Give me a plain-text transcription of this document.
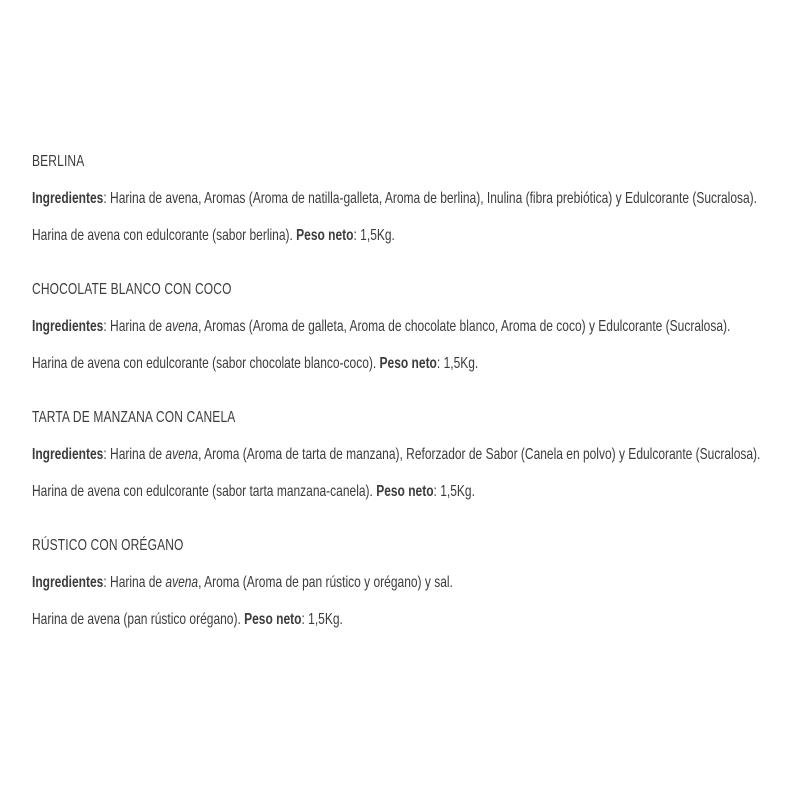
BERLINA

Ingredientes: Harina de avena, Aromas (Aroma de natilla-galleta, Aroma de berlina), Inulina (fibra prebiótica) y Edulcorante (Sucralosa).

Harina de avena con edulcorante (sabor berlina). Peso neto: 1,5Kg.

CHOCOLATE BLANCO CON COCO

Ingredientes: Harina de avena, Aromas (Aroma de galleta, Aroma de chocolate blanco, Aroma de coco) y Edulcorante (Sucralosa).

Harina de avena con edulcorante (sabor chocolate blanco-coco). Peso neto: 1,5Kg.

TARTA DE MANZANA CON CANELA

Ingredientes: Harina de avena, Aroma (Aroma de tarta de manzana), Reforzador de Sabor (Canela en polvo) y Edulcorante (Sucralosa).

Harina de avena con edulcorante (sabor tarta manzana-canela). Peso neto: 1,5Kg.

RÚSTICO CON ORÉGANO

Ingredientes: Harina de avena, Aroma (Aroma de pan rústico y orégano) y sal.

Harina de avena (pan rústico orégano). Peso neto: 1,5Kg.
